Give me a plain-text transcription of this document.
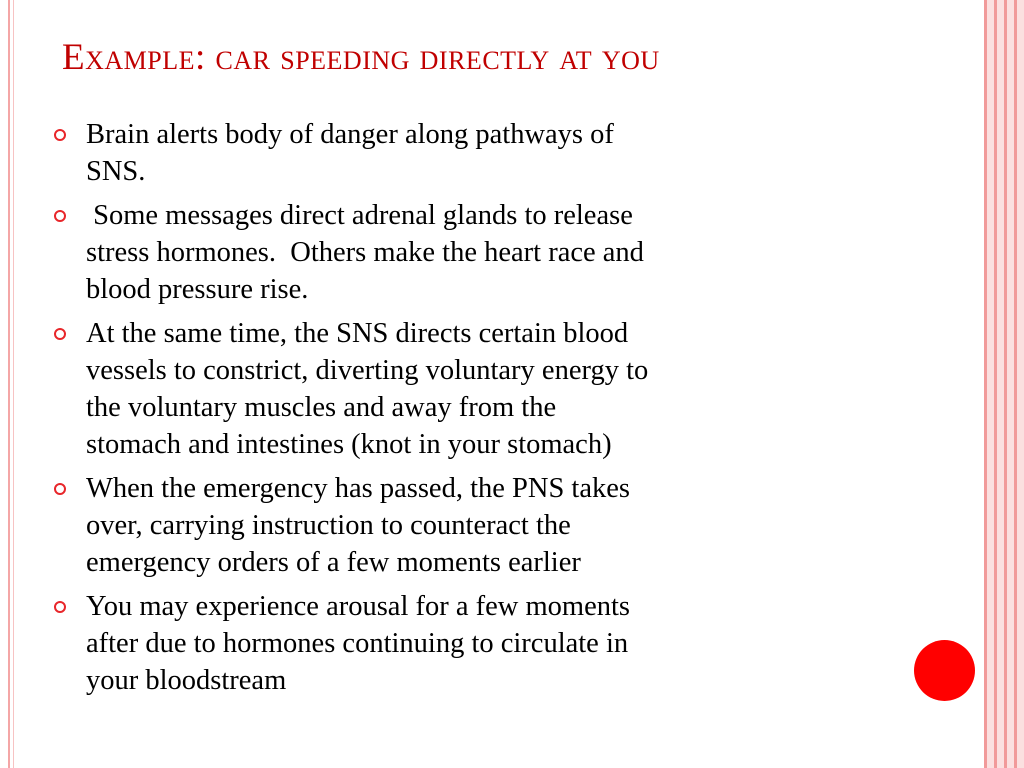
Example: car speeding directly at you
Brain alerts body of danger along pathways of
SNS.
Some messages direct adrenal glands to release
stress hormones.  Others make the heart race and
blood pressure rise.
At the same time, the SNS directs certain blood
vessels to constrict, diverting voluntary energy to
the voluntary muscles and away from the
stomach and intestines (knot in your stomach)
When the emergency has passed, the PNS takes
over, carrying instruction to counteract the
emergency orders of a few moments earlier
You may experience arousal for a few moments
after due to hormones continuing to circulate in
your bloodstream
